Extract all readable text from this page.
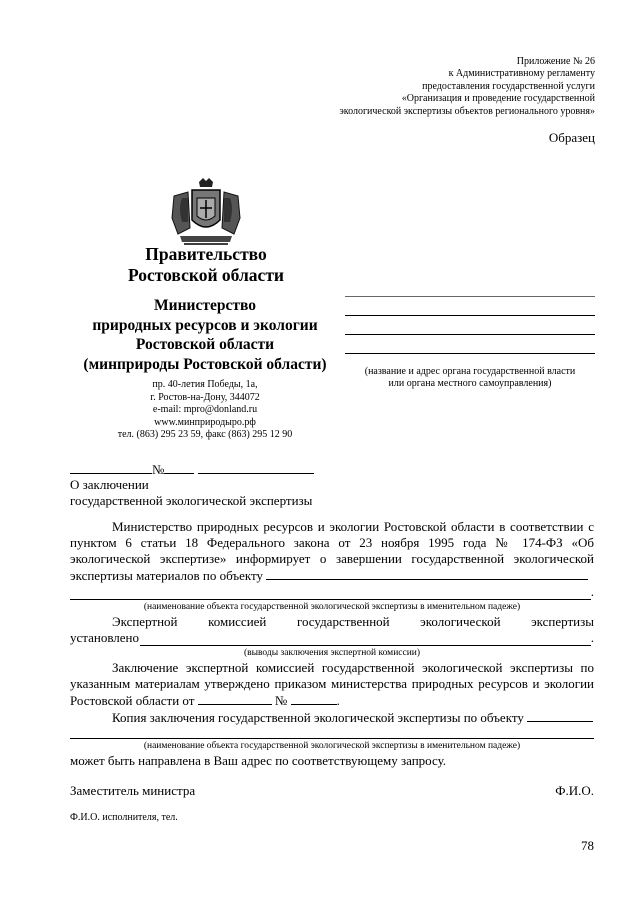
Приложение № 26
к Административному регламенту
предоставления государственной услуги
«Организация и проведение государственной
экологической экспертизы объектов регионального уровня»
Образец
Правительство
Ростовской области
Министерство
природных ресурсов и экологии
Ростовской области
(минприроды Ростовской области)
пр. 40-летия Победы, 1а,
г. Ростов-на-Дону, 344072
e-mail: mpro@donland.ru
www.минприродыро.рф
тел. (863) 295 23 59, факс (863) 295 12 90
(название и адрес органа государственной власти
или органа местного самоуправления)
№
О заключении
государственной экологической экспертизы

Министерство природных ресурсов и экологии Ростовской области в соответствии с пунктом 6 статьи 18 Федерального закона от 23 ноября 1995 года № 174-ФЗ «Об экологической экспертизе» информирует о завершении государственной экологической экспертизы материалов по объекту

.
(наименование объекта государственной экологической экспертизы в именительном падеже)
Экспертной комиссией государственной экологической экспертизы
установлено	.
(выводы заключения экспертной комиссии)

Заключение экспертной комиссией государственной экологической экспертизы по указанным материалам утверждено приказом министерства природных ресурсов и экологии Ростовской области от	№	.

Копия заключения государственной экологической экспертизы по объекту

(наименование объекта государственной экологической экспертизы в именительном падеже)

может быть направлена в Ваш адрес по соответствующему запросу.

Заместитель министра	Ф.И.О.
Ф.И.О. исполнителя, тел.
78
